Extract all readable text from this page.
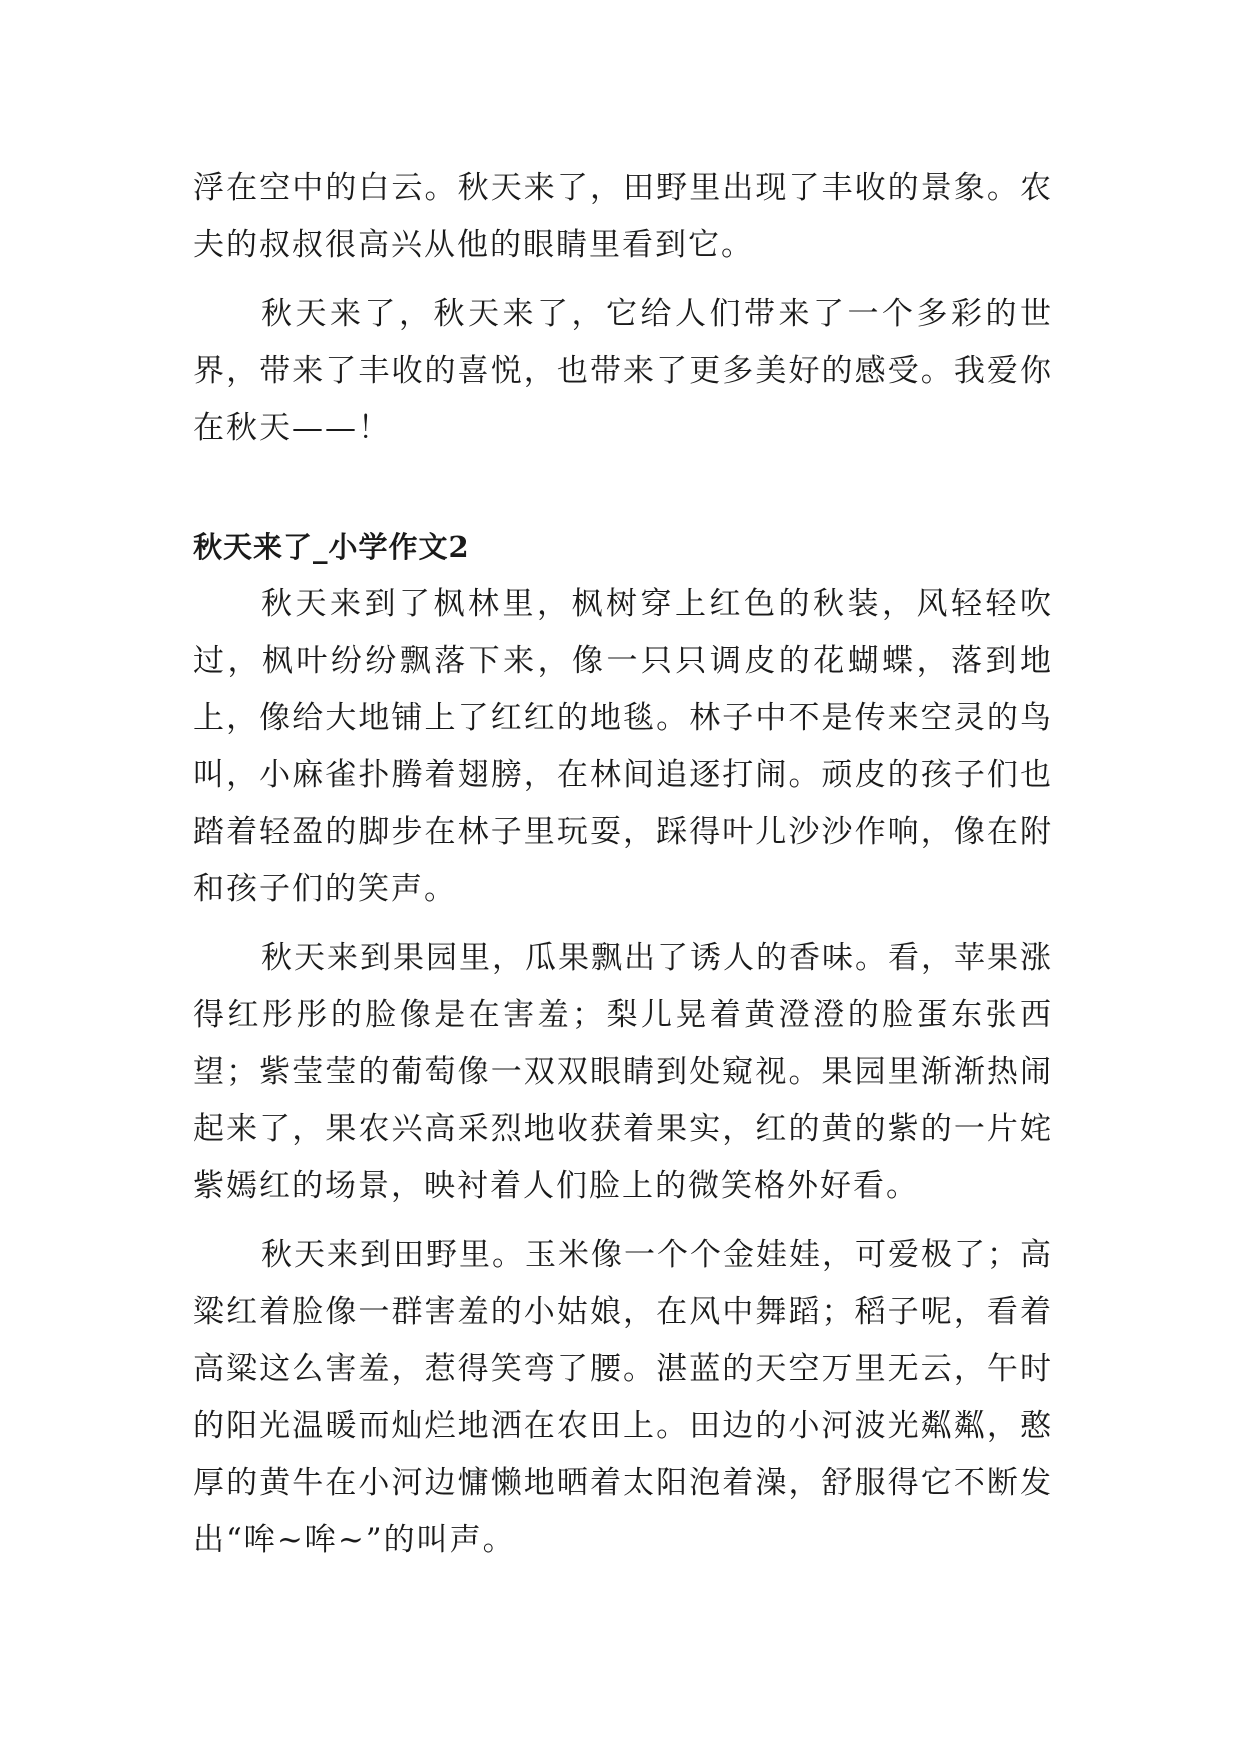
浮在空中的白云。秋天来了，田野里出现了丰收的景象。农夫的叔叔很高兴从他的眼睛里看到它。

秋天来了，秋天来了，它给人们带来了一个多彩的世界，带来了丰收的喜悦，也带来了更多美好的感受。我爱你在秋天——！

秋天来了_小学作文2

秋天来到了枫林里，枫树穿上红色的秋装，风轻轻吹过，枫叶纷纷飘落下来，像一只只调皮的花蝴蝶，落到地上，像给大地铺上了红红的地毯。林子中不是传来空灵的鸟叫，小麻雀扑腾着翅膀，在林间追逐打闹。顽皮的孩子们也踏着轻盈的脚步在林子里玩耍，踩得叶儿沙沙作响，像在附和孩子们的笑声。

秋天来到果园里，瓜果飘出了诱人的香味。看，苹果涨得红彤彤的脸像是在害羞；梨儿晃着黄澄澄的脸蛋东张西望；紫莹莹的葡萄像一双双眼睛到处窥视。果园里渐渐热闹起来了，果农兴高采烈地收获着果实，红的黄的紫的一片姹紫嫣红的场景，映衬着人们脸上的微笑格外好看。

秋天来到田野里。玉米像一个个金娃娃，可爱极了；高粱红着脸像一群害羞的小姑娘，在风中舞蹈；稻子呢，看着高粱这么害羞，惹得笑弯了腰。湛蓝的天空万里无云，午时的阳光温暖而灿烂地洒在农田上。田边的小河波光粼粼，憨厚的黄牛在小河边慵懒地晒着太阳泡着澡，舒服得它不断发出“哞~哞~”的叫声。
